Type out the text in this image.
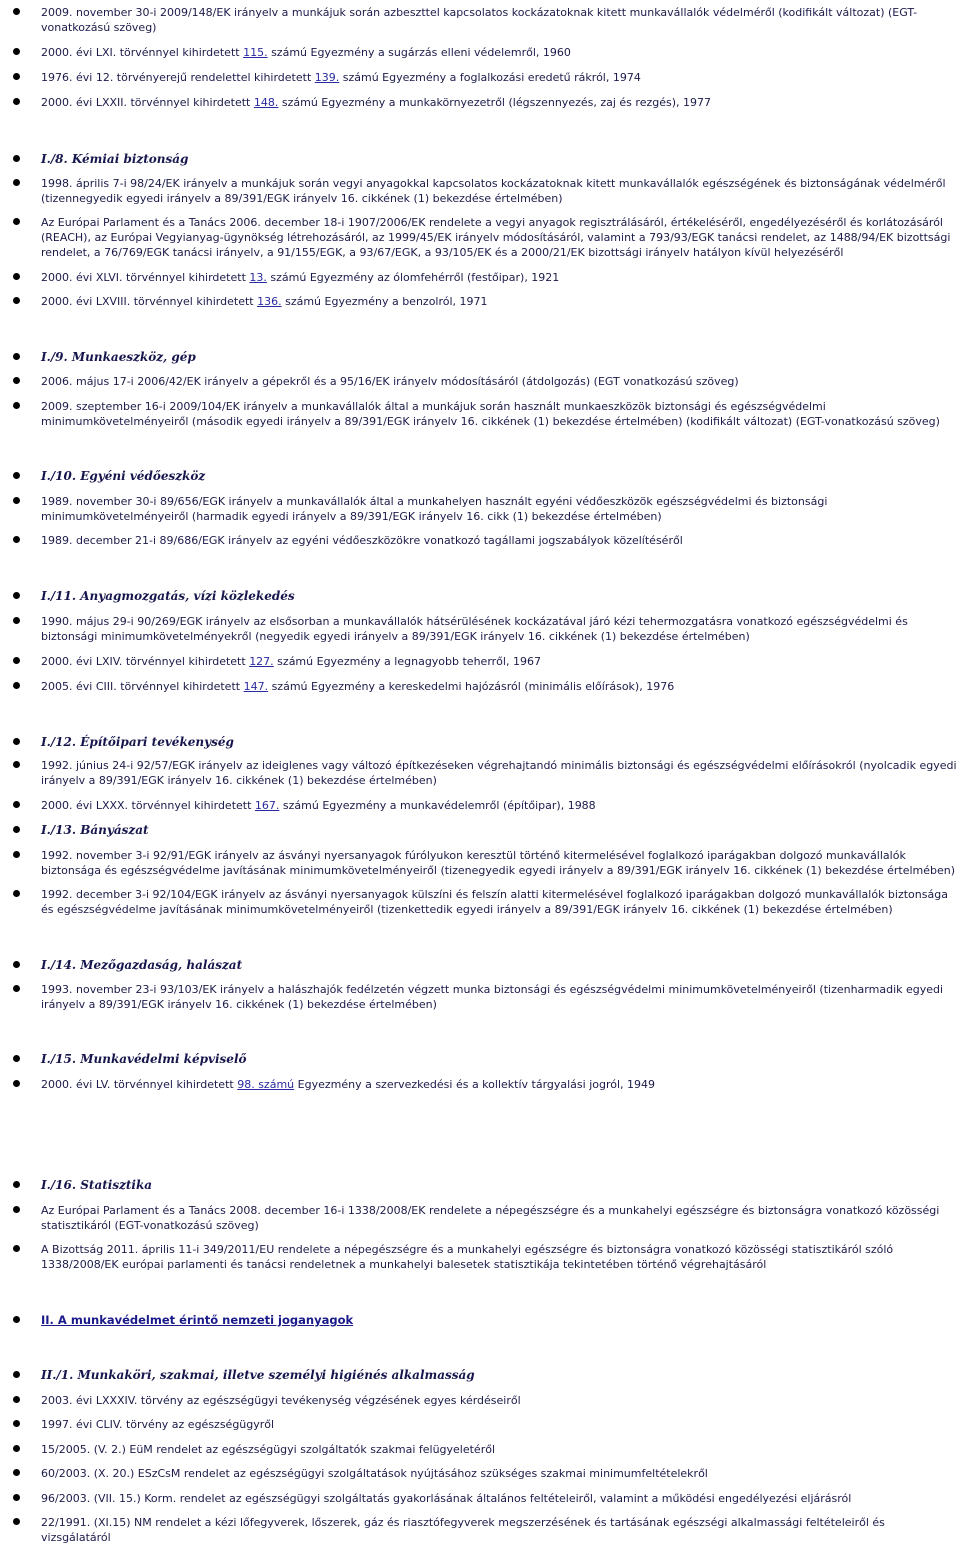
2009. november 30-i 2009/148/EK irányelv a munkájuk során azbeszttel kapcsolatos kockázatoknak kitett munkavállalók védelméről (kodifikált változat) (EGT-vonatkozású szöveg)
2000. évi LXI. törvénnyel kihirdetett 115. számú Egyezmény a sugárzás elleni védelemről, 1960
1976. évi 12. törvényerejű rendelettel kihirdetett 139. számú Egyezmény a foglalkozási eredetű rákról, 1974
2000. évi LXXII. törvénnyel kihirdetett 148. számú Egyezmény a munkakörnyezetről (légszennyezés, zaj és rezgés), 1977
I./8. Kémiai biztonság
1998. április 7-i 98/24/EK irányelv a munkájuk során vegyi anyagokkal kapcsolatos kockázatoknak kitett munkavállalók egészségének és biztonságának védelméről (tizennegyedik egyedi irányelv a 89/391/EGK irányelv 16. cikkének (1) bekezdése értelmében)
Az Európai Parlament és a Tanács 2006. december 18-i 1907/2006/EK rendelete a vegyi anyagok regisztrálásáról, értékeléséről, engedélyezéséről és korlátozásáról (REACH), az Európai Vegyianyag-ügynökség létrehozásáról, az 1999/45/EK irányelv módosításáról, valamint a 793/93/EGK tanácsi rendelet, az 1488/94/EK bizottsági rendelet, a 76/769/EGK tanácsi irányelv, a 91/155/EGK, a 93/67/EGK, a 93/105/EK és a 2000/21/EK bizottsági irányelv hatályon kívül helyezéséről
2000. évi XLVI. törvénnyel kihirdetett 13. számú Egyezmény az ólomfehérről (festőipar), 1921
2000. évi LXVIII. törvénnyel kihirdetett 136. számú Egyezmény a benzolról, 1971
I./9. Munkaeszköz, gép
2006. május 17-i 2006/42/EK irányelv a gépekről és a 95/16/EK irányelv módosításáról (átdolgozás) (EGT vonatkozású szöveg)
2009. szeptember 16-i 2009/104/EK irányelv a munkavállalók által a munkájuk során használt munkaeszközök biztonsági és egészségvédelmi minimumkövetelményeiről (második egyedi irányelv a 89/391/EGK irányelv 16. cikkének (1) bekezdése értelmében) (kodifikált változat) (EGT-vonatkozású szöveg)
I./10. Egyéni védőeszköz
1989. november 30-i 89/656/EGK irányelv a munkavállalók által a munkahelyen használt egyéni védőeszközök egészségvédelmi és biztonsági minimumkövetelményeiről (harmadik egyedi irányelv a 89/391/EGK irányelv 16. cikk (1) bekezdése értelmében)
1989. december 21-i 89/686/EGK irányelv az egyéni védőeszközökre vonatkozó tagállami jogszabályok közelítéséről
I./11. Anyagmozgatás, vízi közlekedés
1990. május 29-i 90/269/EGK irányelv az elsősorban a munkavállalók hátsérülésének kockázatával járó kézi tehermozgatásra vonatkozó egészségvédelmi és biztonsági minimumkövetelményekről (negyedik egyedi irányelv a 89/391/EGK irányelv 16. cikkének (1) bekezdése értelmében)
2000. évi LXIV. törvénnyel kihirdetett 127. számú Egyezmény a legnagyobb teherről, 1967
2005. évi CIII. törvénnyel kihirdetett 147. számú Egyezmény a kereskedelmi hajózásról (minimális előírások), 1976
I./12. Építőipari tevékenység
1992. június 24-i 92/57/EGK irányelv az ideiglenes vagy változó építkezéseken végrehajtandó minimális biztonsági és egészségvédelmi előírásokról (nyolcadik egyedi irányelv a 89/391/EGK irányelv 16. cikkének (1) bekezdése értelmében)
2000. évi LXXX. törvénnyel kihirdetett 167. számú Egyezmény a munkavédelemről (építőipar), 1988
I./13. Bányászat
1992. november 3-i 92/91/EGK irányelv az ásványi nyersanyagok fúrólyukon keresztül történő kitermelésével foglalkozó iparágakban dolgozó munkavállalók biztonsága és egészségvédelme javításának minimumkövetelményeiről (tizenegyedik egyedi irányelv a 89/391/EGK irányelv 16. cikkének (1) bekezdése értelmében)
1992. december 3-i 92/104/EGK irányelv az ásványi nyersanyagok külszíni és felszín alatti kitermelésével foglalkozó iparágakban dolgozó munkavállalók biztonsága és egészségvédelme javításának minimumkövetelményeiről (tizenkettedik egyedi irányelv a 89/391/EGK irányelv 16. cikkének (1) bekezdése értelmében)
I./14. Mezőgazdaság, halászat
1993. november 23-i 93/103/EK irányelv a halászhajók fedélzetén végzett munka biztonsági és egészségvédelmi minimumkövetelményeiről (tizenharmadik egyedi irányelv a 89/391/EGK irányelv 16. cikkének (1) bekezdése értelmében)
I./15. Munkavédelmi képviselő
2000. évi LV. törvénnyel kihirdetett 98. számú Egyezmény a szervezkedési és a kollektív tárgyalási jogról, 1949
I./16. Statisztika
Az Európai Parlament és a Tanács 2008. december 16-i 1338/2008/EK rendelete a népegészségre és a munkahelyi egészségre és biztonságra vonatkozó közösségi statisztikáról (EGT-vonatkozású szöveg)
A Bizottság 2011. április 11-i 349/2011/EU rendelete a népegészségre és a munkahelyi egészségre és biztonságra vonatkozó közösségi statisztikáról szóló 1338/2008/EK európai parlamenti és tanácsi rendeletnek a munkahelyi balesetek statisztikája tekintetében történő végrehajtásáról
II. A munkavédelmet érintő nemzeti joganyagok
II./1. Munkaköri, szakmai, illetve személyi higiénés alkalmasság
2003. évi LXXXIV. törvény az egészségügyi tevékenység végzésének egyes kérdéseiről
1997. évi CLIV. törvény az egészségügyről
15/2005. (V. 2.) EüM rendelet az egészségügyi szolgáltatók szakmai felügyeletéről
60/2003. (X. 20.) ESzCsM rendelet az egészségügyi szolgáltatások nyújtásához szükséges szakmai minimumfeltételekről
96/2003. (VII. 15.) Korm. rendelet az egészségügyi szolgáltatás gyakorlásának általános feltételeiről, valamint a működési engedélyezési eljárásról
22/1991. (XI.15) NM rendelet a kézi lőfegyverek, lőszerek, gáz és riasztófegyverek megszerzésének és tartásának egészségi alkalmassági feltételeiről és vizsgálatáról
